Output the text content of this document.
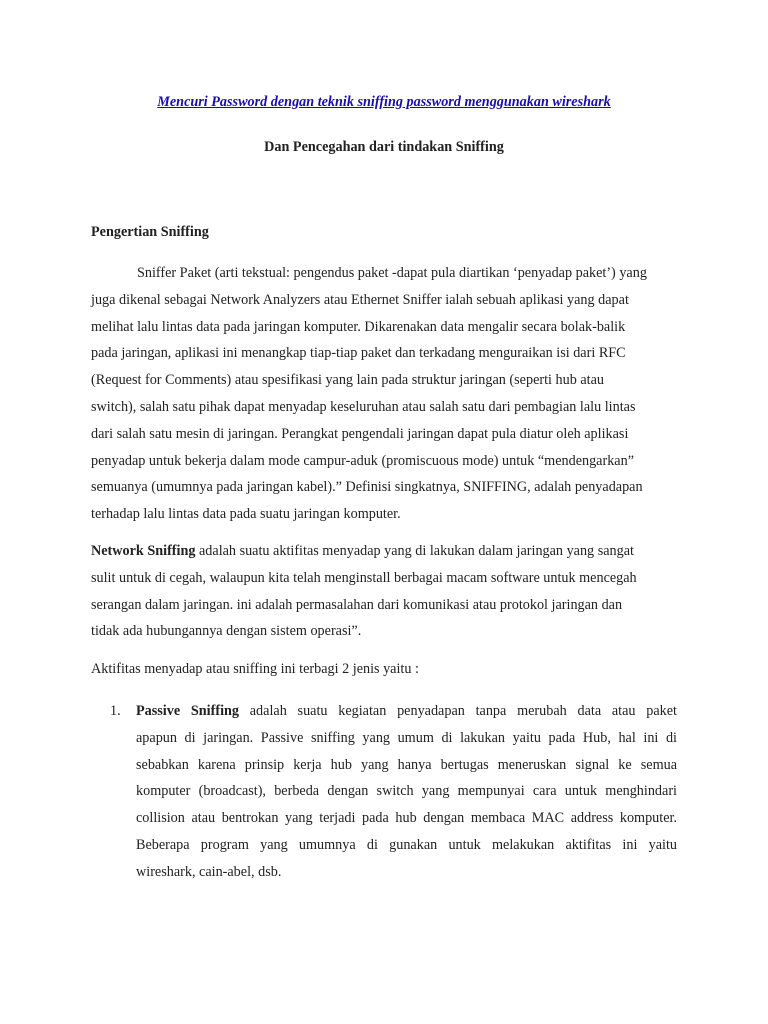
Mencuri Password dengan teknik sniffing password menggunakan wireshark
Dan Pencegahan dari tindakan Sniffing
Pengertian Sniffing
Sniffer Paket (arti tekstual: pengendus paket -dapat pula diartikan ‘penyadap paket’) yang
juga dikenal sebagai Network Analyzers atau Ethernet Sniffer ialah sebuah aplikasi yang dapat
melihat lalu lintas data pada jaringan komputer. Dikarenakan data mengalir secara bolak-balik
pada jaringan, aplikasi ini menangkap tiap-tiap paket dan terkadang menguraikan isi dari RFC
(Request for Comments) atau spesifikasi yang lain pada struktur jaringan (seperti hub atau
switch), salah satu pihak dapat menyadap keseluruhan atau salah satu dari pembagian lalu lintas
dari salah satu mesin di jaringan. Perangkat pengendali jaringan dapat pula diatur oleh aplikasi
penyadap untuk bekerja dalam mode campur-aduk (promiscuous mode) untuk “mendengarkan”
semuanya (umumnya pada jaringan kabel).” Definisi singkatnya, SNIFFING, adalah penyadapan
terhadap lalu lintas data pada suatu jaringan komputer.
Network Sniffing adalah suatu aktifitas menyadap yang di lakukan dalam jaringan yang sangat
sulit untuk di cegah, walaupun kita telah menginstall berbagai macam software untuk mencegah
serangan dalam jaringan. ini adalah permasalahan dari komunikasi atau protokol jaringan dan
tidak ada hubungannya dengan sistem operasi”.
Aktifitas menyadap atau sniffing ini terbagi 2 jenis yaitu :
1. Passive Sniffing adalah suatu kegiatan penyadapan tanpa merubah data atau paket
apapun di jaringan. Passive sniffing yang umum di lakukan yaitu pada Hub, hal ini di
sebabkan karena prinsip kerja hub yang hanya bertugas meneruskan signal ke semua
komputer (broadcast), berbeda dengan switch yang mempunyai cara untuk menghindari
collision atau bentrokan yang terjadi pada hub dengan membaca MAC address komputer.
Beberapa program yang umumnya di gunakan untuk melakukan aktifitas ini yaitu
wireshark, cain-abel, dsb.
